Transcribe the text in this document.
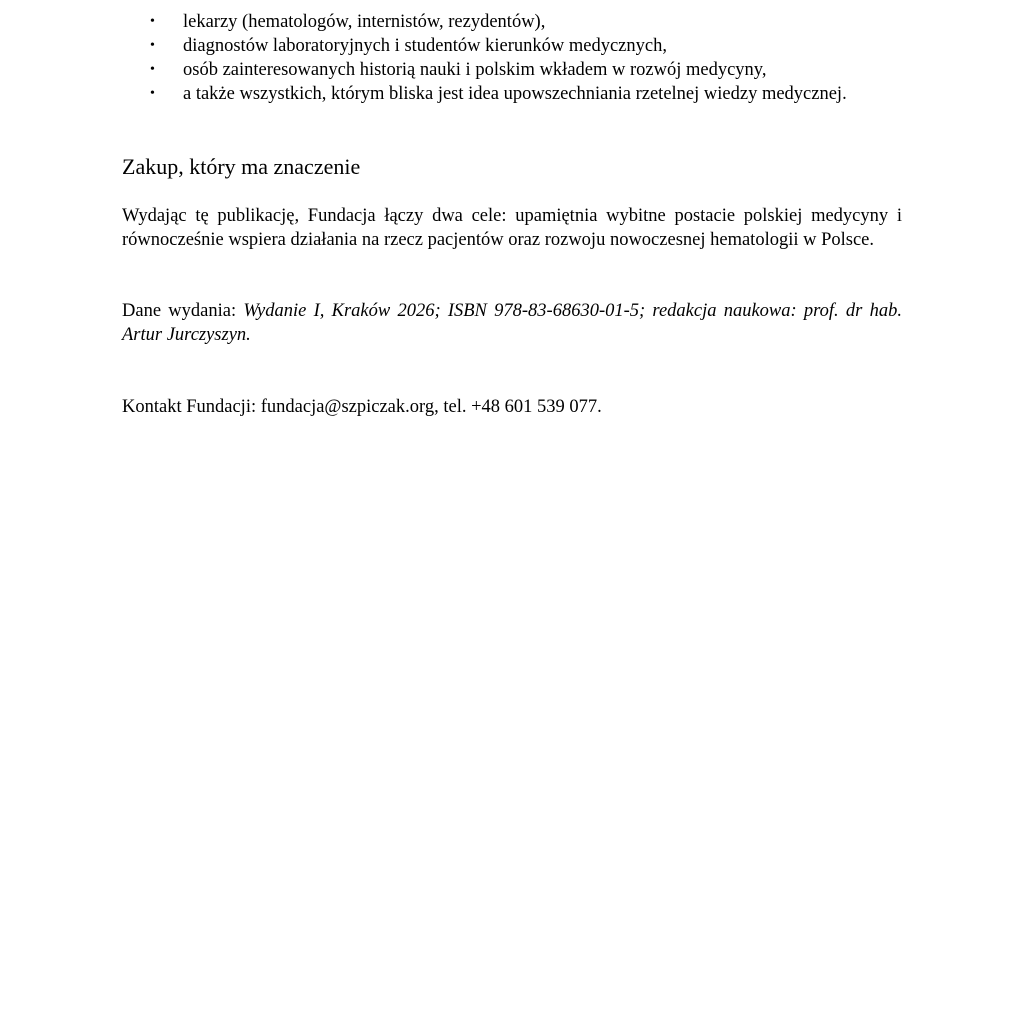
• lekarzy (hematologów, internistów, rezydentów),
• diagnostów laboratoryjnych i studentów kierunków medycznych,
• osób zainteresowanych historią nauki i polskim wkładem w rozwój medycyny,
• a także wszystkich, którym bliska jest idea upowszechniania rzetelnej wiedzy medycznej.
Zakup, który ma znaczenie

Wydając tę publikację, Fundacja łączy dwa cele: upamiętnia wybitne postacie polskiej medycyny i równocześnie wspiera działania na rzecz pacjentów oraz rozwoju nowoczesnej hematologii w Polsce.

Dane wydania: Wydanie I, Kraków 2026; ISBN 978-83-68630-01-5; redakcja naukowa: prof. dr hab. Artur Jurczyszyn.

Kontakt Fundacji: fundacja@szpiczak.org, tel. +48 601 539 077.
